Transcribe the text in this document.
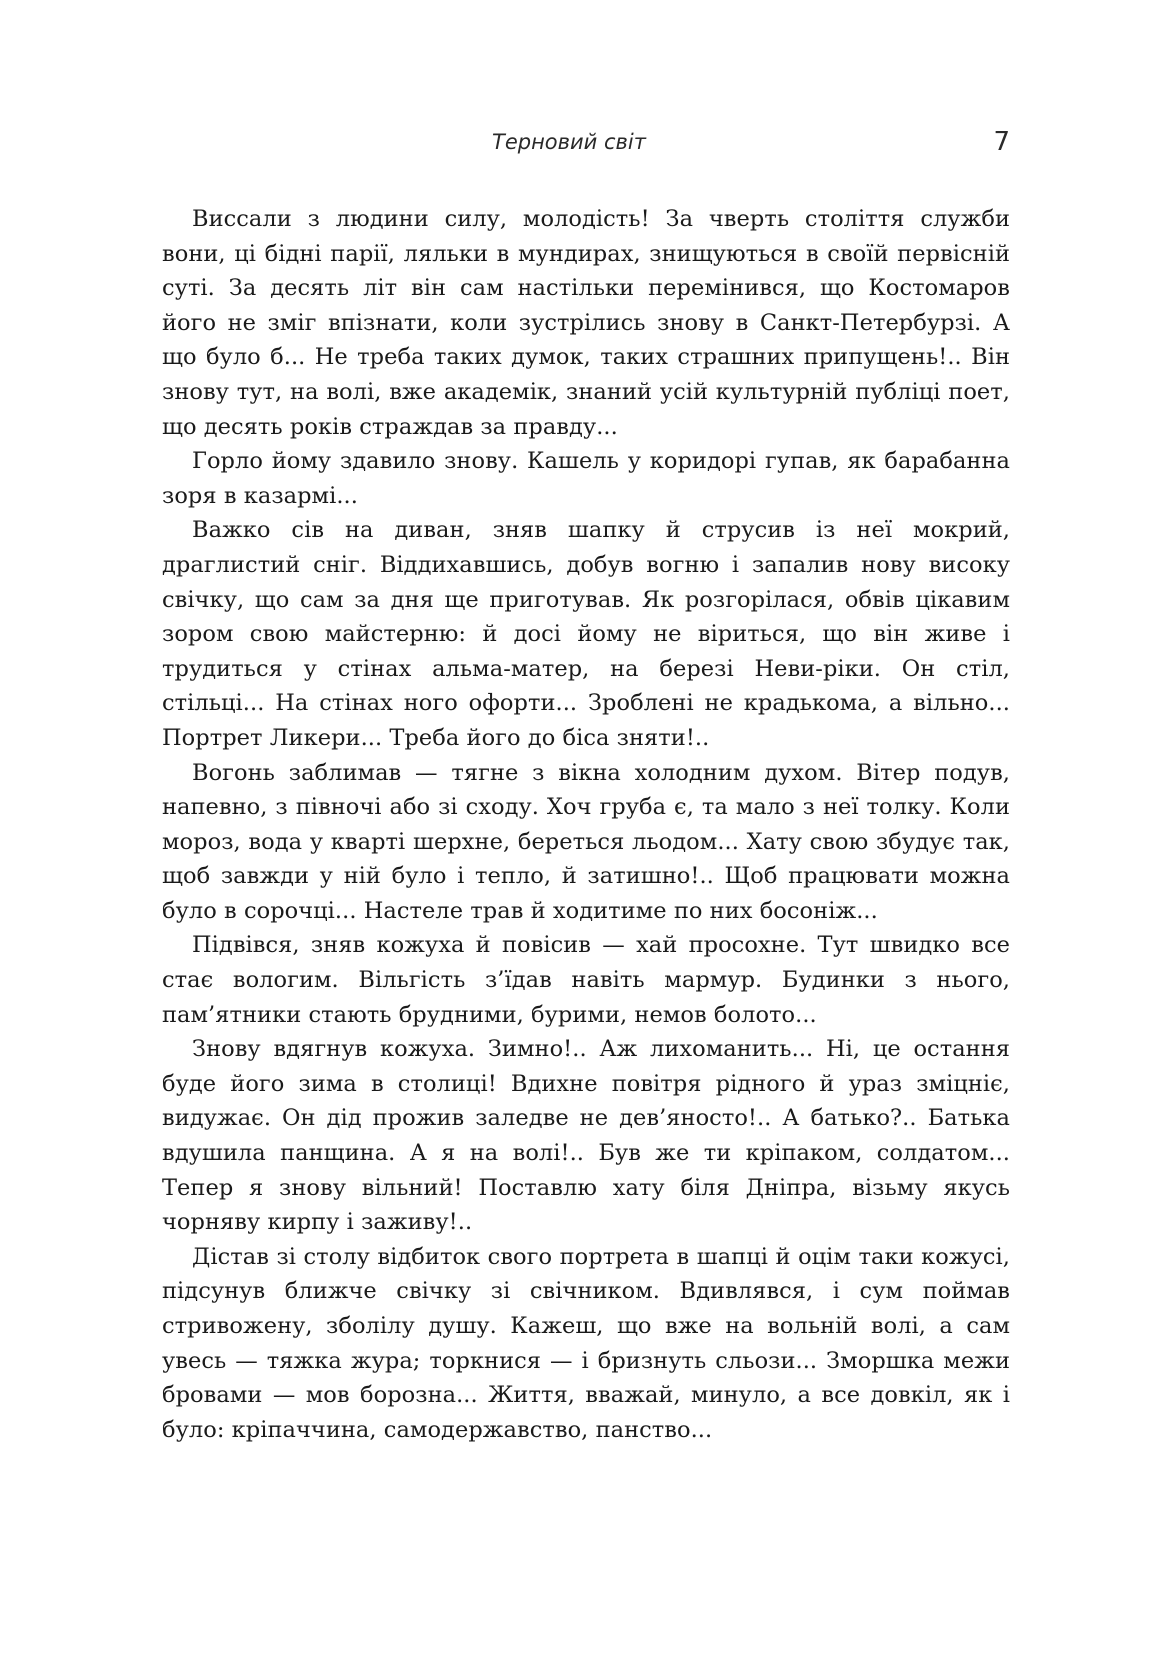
Терновий світ	7

Виссали з людини силу, молодість! За чверть століття служби вони, ці бідні парії, ляльки в мундирах, знищуються в своїй первісній суті. За десять літ він сам настільки перемінився, що Костомаров його не зміг впізнати, коли зустрілись знову в Санкт-Петербурзі. А що було б... Не треба таких думок, таких страшних припущень!.. Він знову тут, на волі, вже академік, знаний усій культурній публіці поет, що десять років страждав за правду...

Горло йому здавило знову. Кашель у коридорі гупав, як барабанна зоря в казармі...

Важко сів на диван, зняв шапку й струсив із неї мокрий, драглистий сніг. Віддихавшись, добув вогню і запалив нову високу свічку, що сам за дня ще приготував. Як розгорілася, обвів цікавим зором свою майстерню: й досі йому не віриться, що він живе і трудиться у стінах альма-матер, на березі Неви-ріки. Он стіл, стільці... На стінах ного офорти... Зроблені не крадькома, а вільно... Портрет Ликери... Треба його до біса зняти!..

Вогонь заблимав — тягне з вікна холодним духом. Вітер подув, напевно, з півночі або зі сходу. Хоч груба є, та мало з неї толку. Коли мороз, вода у кварті шерхне, береться льодом... Хату свою збудує так, щоб завжди у ній було і тепло, й затишно!.. Щоб працювати можна було в сорочці... Настеле трав й ходитиме по них босоніж...

Підвівся, зняв кожуха й повісив — хай просохне. Тут швидко все стає вологим. Вільгість з’їдав навіть мармур. Будинки з нього, пам’ятники стають брудними, бурими, немов болото...

Знову вдягнув кожуха. Зимно!.. Аж лихоманить... Ні, це остання буде його зима в столиці! Вдихне повітря рідного й ураз зміцніє, видужає. Он дід прожив заледве не дев’яносто!.. А батько?.. Батька вдушила панщина. А я на волі!.. Був же ти кріпаком, солдатом... Тепер я знову вільний! Поставлю хату біля Дніпра, візьму якусь чорняву кирпу і заживу!..

Дістав зі столу відбиток свого портрета в шапці й оцім таки кожусі, підсунув ближче свічку зі свічником. Вдивлявся, і сум поймав стривожену, зболілу душу. Кажеш, що вже на вольній волі, а сам увесь — тяжка жура; торкнися — і бризнуть сльози... Зморшка межи бровами — мов борозна... Життя, вважай, минуло, а все довкіл, як і було: кріпаччина, самодержавство, панство...
